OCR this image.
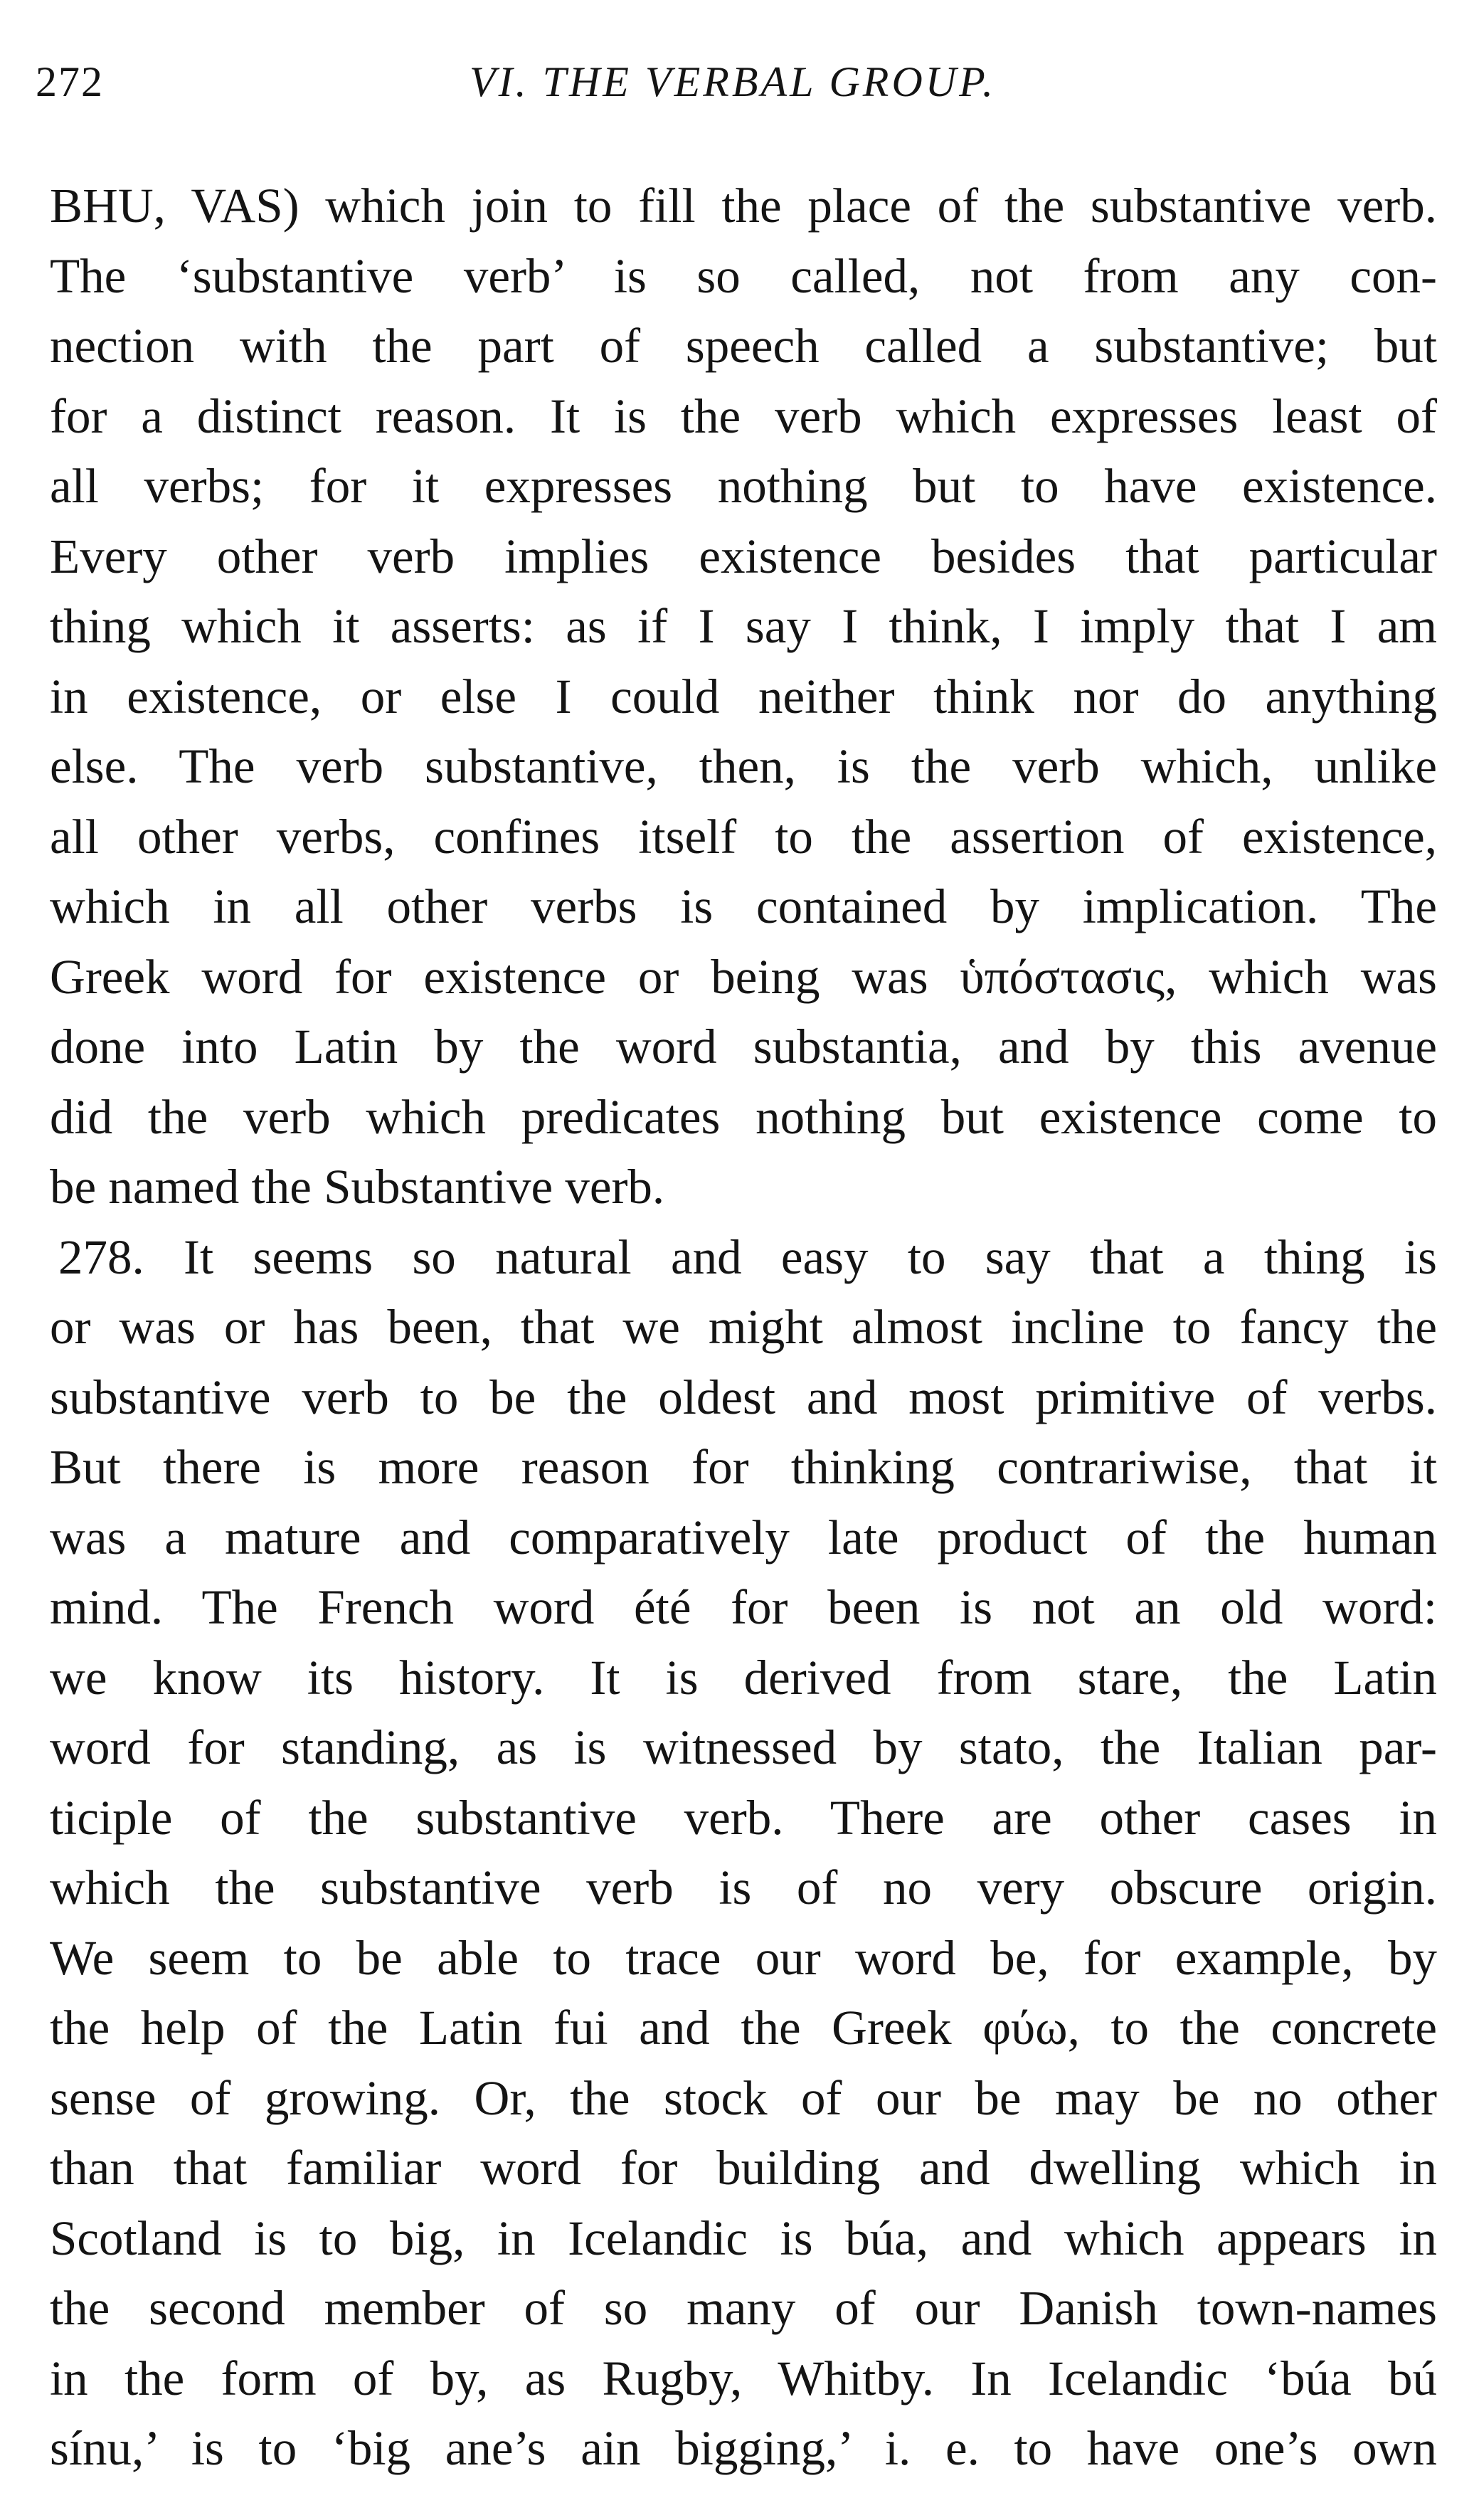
272	VI. THE VERBAL GROUP.
BHU, VAS) which join to fill the place of the substantive verb.
The ‘substantive verb’ is so called, not from any con-
nection with the part of speech called a substantive; but
for a distinct reason. It is the verb which expresses least of
all verbs; for it expresses nothing but to have existence.
Every other verb implies existence besides that particular
thing which it asserts: as if I say I think, I imply that I am
in existence, or else I could neither think nor do anything
else. The verb substantive, then, is the verb which, unlike
all other verbs, confines itself to the assertion of existence,
which in all other verbs is contained by implication. The
Greek word for existence or being was ὑπόστασις, which was
done into Latin by the word substantia, and by this avenue
did the verb which predicates nothing but existence come to
be named the Substantive verb.
278. It seems so natural and easy to say that a thing is
or was or has been, that we might almost incline to fancy the
substantive verb to be the oldest and most primitive of verbs.
But there is more reason for thinking contrariwise, that it
was a mature and comparatively late product of the human
mind. The French word été for been is not an old word:
we know its history. It is derived from stare, the Latin
word for standing, as is witnessed by stato, the Italian par-
ticiple of the substantive verb. There are other cases in
which the substantive verb is of no very obscure origin.
We seem to be able to trace our word be, for example, by
the help of the Latin fui and the Greek φύω, to the concrete
sense of growing. Or, the stock of our be may be no other
than that familiar word for building and dwelling which in
Scotland is to big, in Icelandic is búa, and which appears in
the second member of so many of our Danish town-names
in the form of by, as Rugby, Whitby. In Icelandic ‘búa bú
sínu,’ is to ‘big ane’s ain bigging,’ i. e. to have one’s own
